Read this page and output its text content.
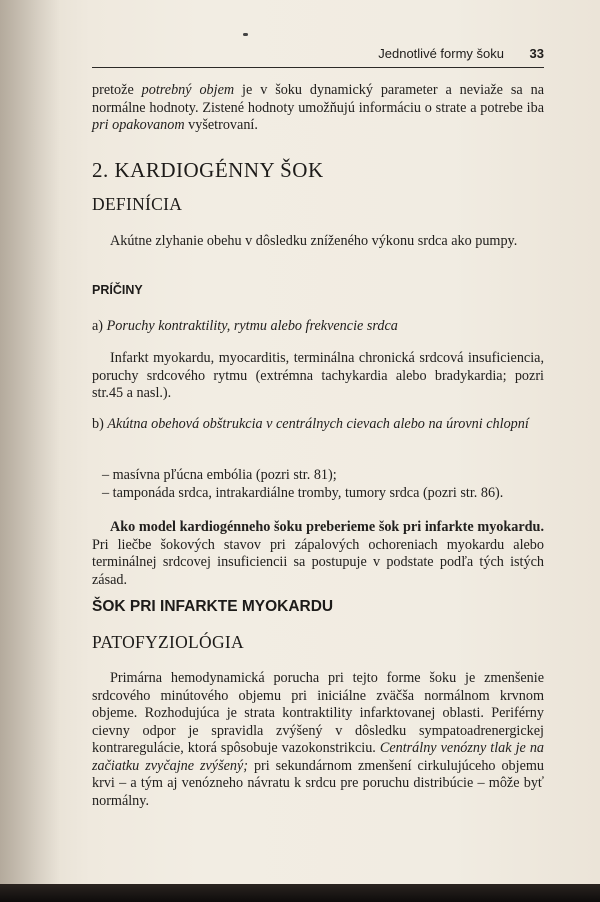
Jednotlivé formy šoku 33
pretože potrebný objem je v šoku dynamický parameter a nevіaže sa na normálne hodnoty. Zistené hodnoty umožňujú informáciu o strate a potrebe iba pri opakovanom vyšetrovaní.
2. KARDIOGÉNNY ŠOK
DEFINÍCIA
Akútne zlyhanie obehu v dôsledku zníženého výkonu srdca ako pumpy.
PRÍČINY
a) Poruchy kontraktility, rytmu alebo frekvencie srdca
Infarkt myokardu, myocarditis, terminálna chronická srdcová insuficiencia, poruchy srdcového rytmu (extrémna tachykardia alebo bradykardia; pozri str.45 a nasl.).
b) Akútna obehová obštrukcia v centrálnych cievach alebo na úrovni chlopní
– masívna pľúcna embólia (pozri str. 81);
– tamponáda srdca, intrakardiálne tromby, tumory srdca (pozri str. 86).
Ako model kardiogénneho šoku preberieme šok pri infarkte myokardu. Pri liečbe šokových stavov pri zápalových ochoreniach myokardu alebo terminálnej srdcovej insuficiencii sa postupuje v podstate podľa tých istých zásad.
ŠOK PRI INFARKTE MYOKARDU
PATOFYZIOLÓGIA
Primárna hemodynamická porucha pri tejto forme šoku je zmenšenie srdcového minútového objemu pri iniciálne zväčša normálnom krvnom objeme. Rozhodujúca je strata kontraktility infarktovanej oblasti. Periférny cievny odpor je spravidla zvýšený v dôsledku sympatoadrenergickej kontraregulácie, ktorá spôsobuje vazokonstrikciu. Centrálny venózny tlak je na začiatku zvyčajne zvýšený; pri sekundárnom zmenšení cirkulujúceho objemu krvi – a tým aj venózneho návratu k srdcu pre poruchu distribúcie – môže byť normálny.
